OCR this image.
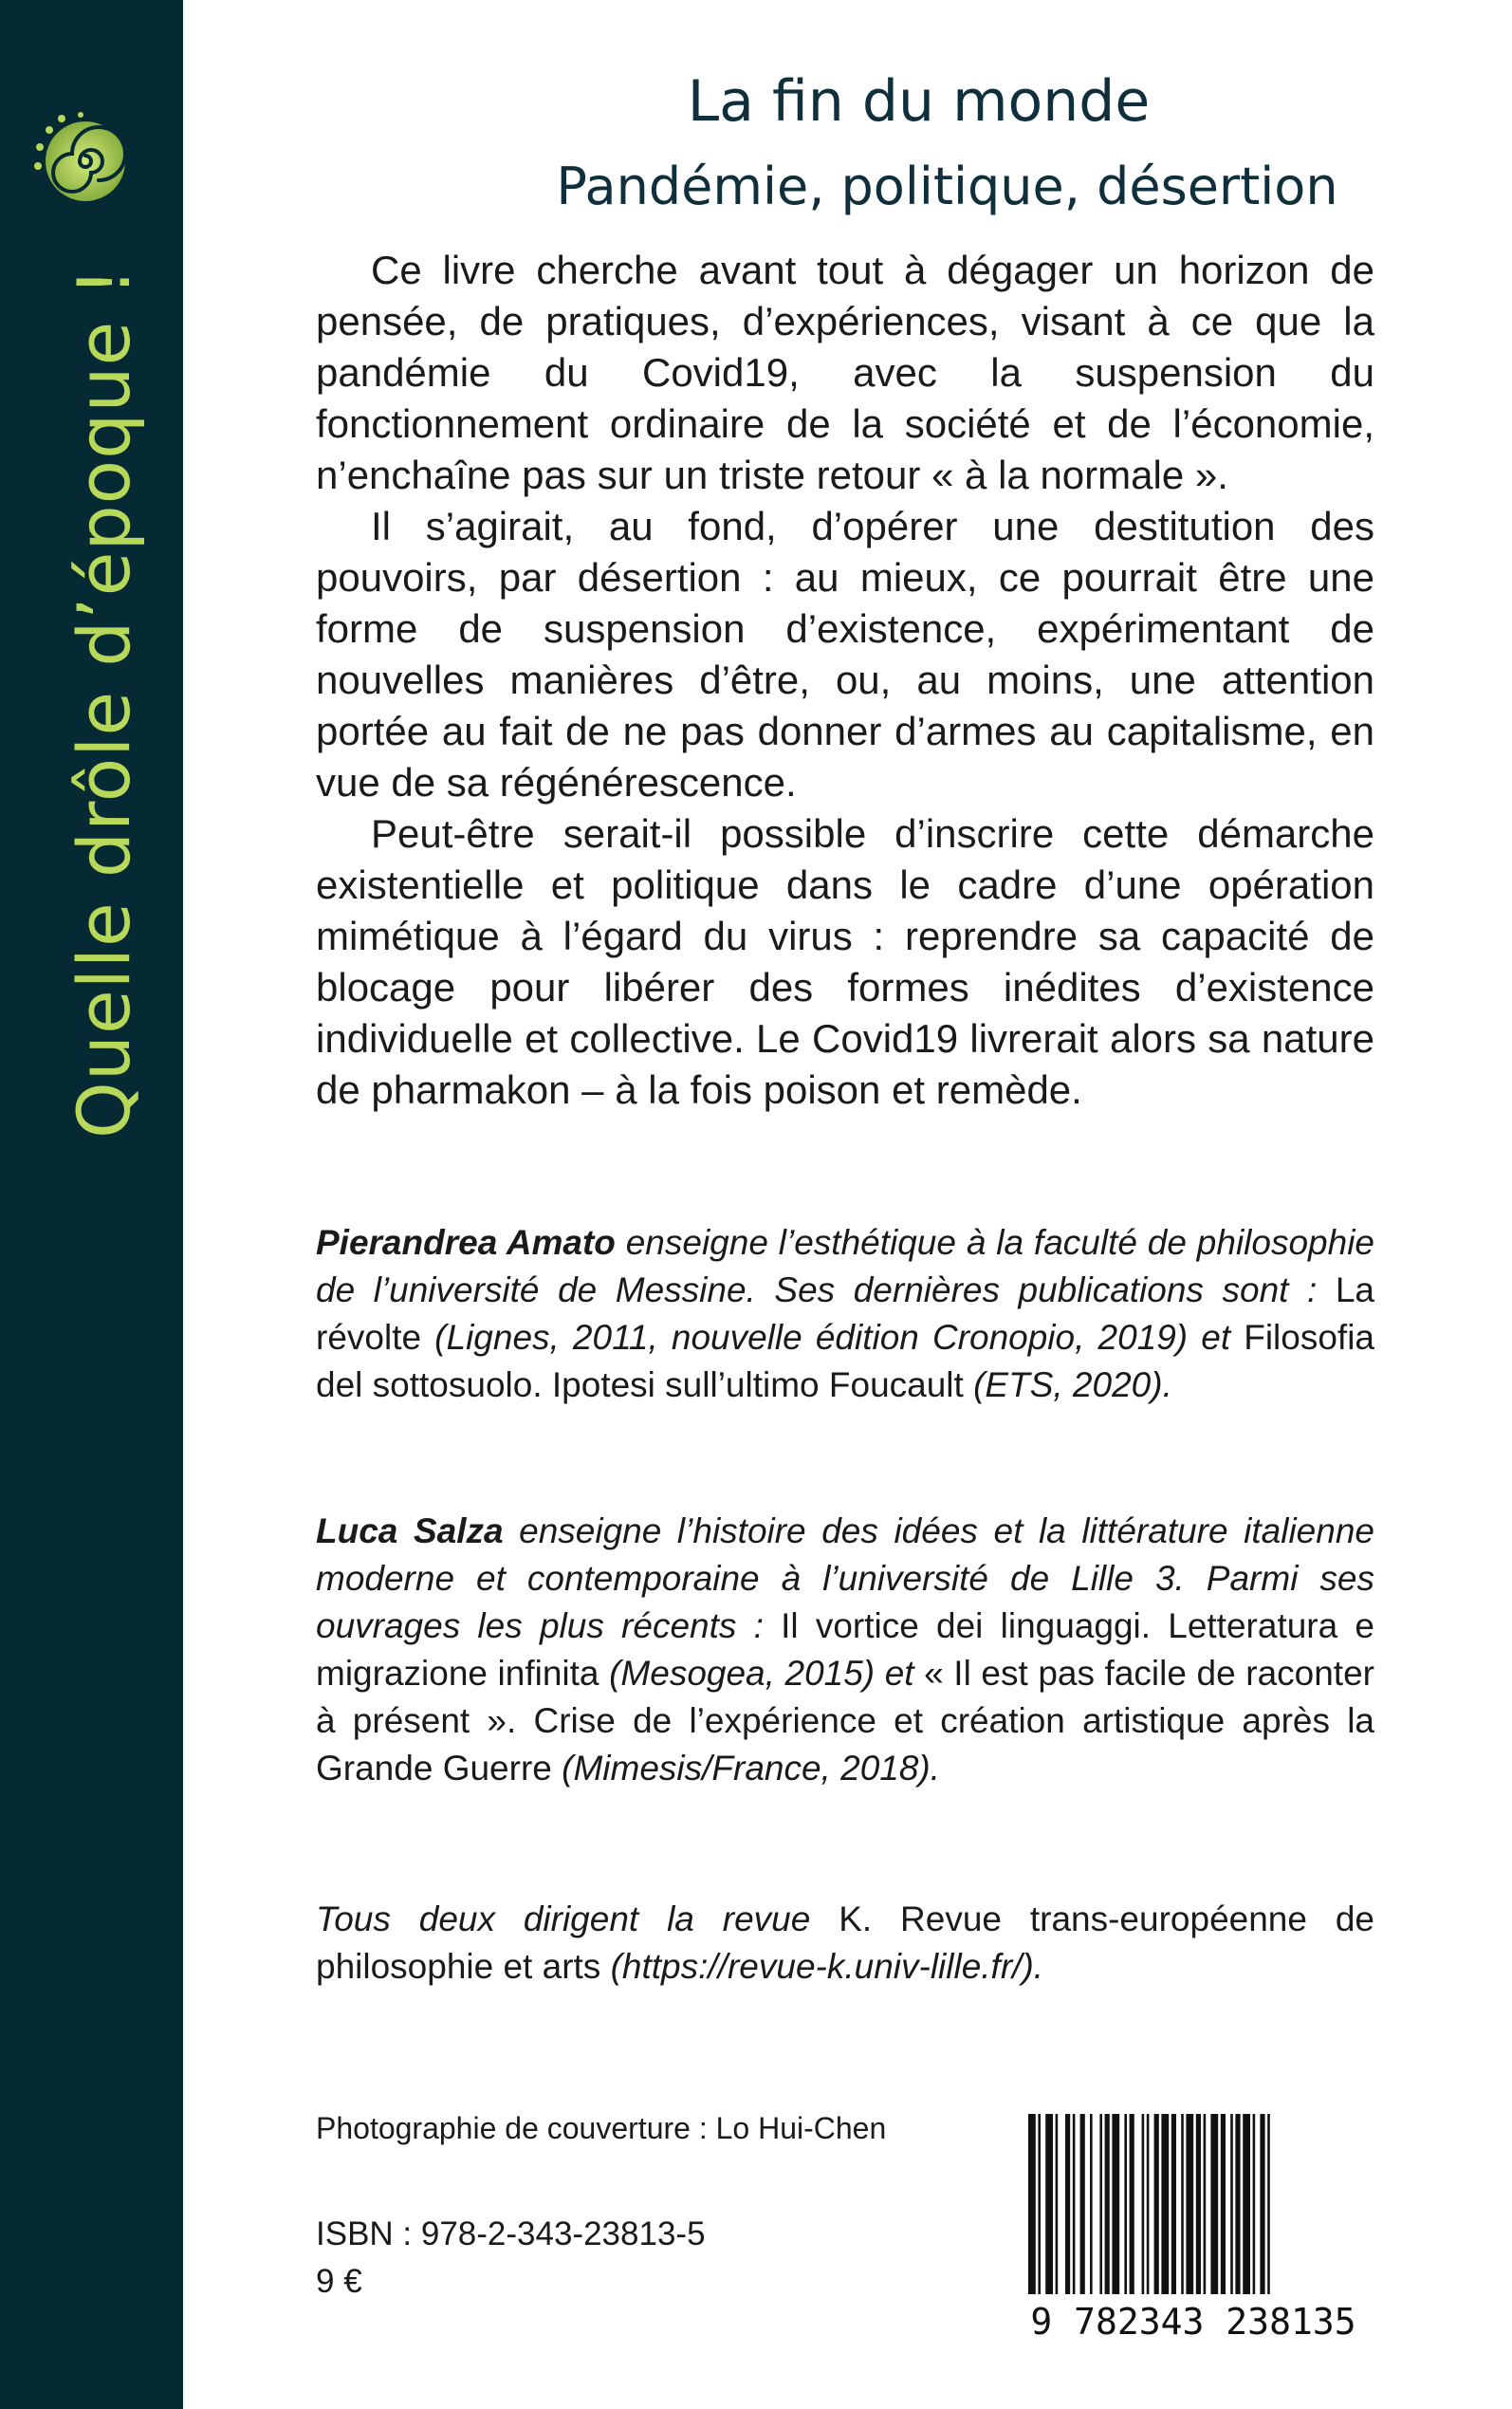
Quelle drôle d’époque !
La fin du monde
Pandémie, politique, désertion

Ce livre cherche avant tout à dégager un horizon de pensée, de pratiques, d’expériences, visant à ce que la pandémie du Covid19, avec la suspension du fonctionnement ordinaire de la société et de l’économie, n’enchaîne pas sur un triste retour « à la normale ».

Il s’agirait, au fond, d’opérer une destitution des pouvoirs, par désertion : au mieux, ce pourrait être une forme de suspension d’existence, expérimentant de nouvelles manières d’être, ou, au moins, une attention portée au fait de ne pas donner d’armes au capitalisme, en vue de sa régénérescence.

Peut-être serait-il possible d’inscrire cette démarche existentielle et politique dans le cadre d’une opération mimétique à l’égard du virus : reprendre sa capacité de blocage pour libérer des formes inédites d’existence individuelle et collective. Le Covid19 livrerait alors sa nature de pharmakon – à la fois poison et remède.

Pierandrea Amato enseigne l’esthétique à la faculté de philosophie de l’université de Messine. Ses dernières publications sont : La révolte (Lignes, 2011, nouvelle édition Cronopio, 2019) et Filosofia del sottosuolo. Ipotesi sull’ultimo Foucault (ETS, 2020).

Luca Salza enseigne l’histoire des idées et la littérature italienne moderne et contemporaine à l’université de Lille 3. Parmi ses ouvrages les plus récents : Il vortice dei linguaggi. Letteratura e migrazione infinita (Mesogea, 2015) et « Il est pas facile de raconter à présent ». Crise de l’expérience et création artistique après la Grande Guerre (Mimesis/France, 2018).

Tous deux dirigent la revue K. Revue trans-européenne de philosophie et arts (https://revue-k.univ-lille.fr/).

Photographie de couverture : Lo Hui-Chen
ISBN : 978-2-343-23813-5
9 €
9 782343 238135
